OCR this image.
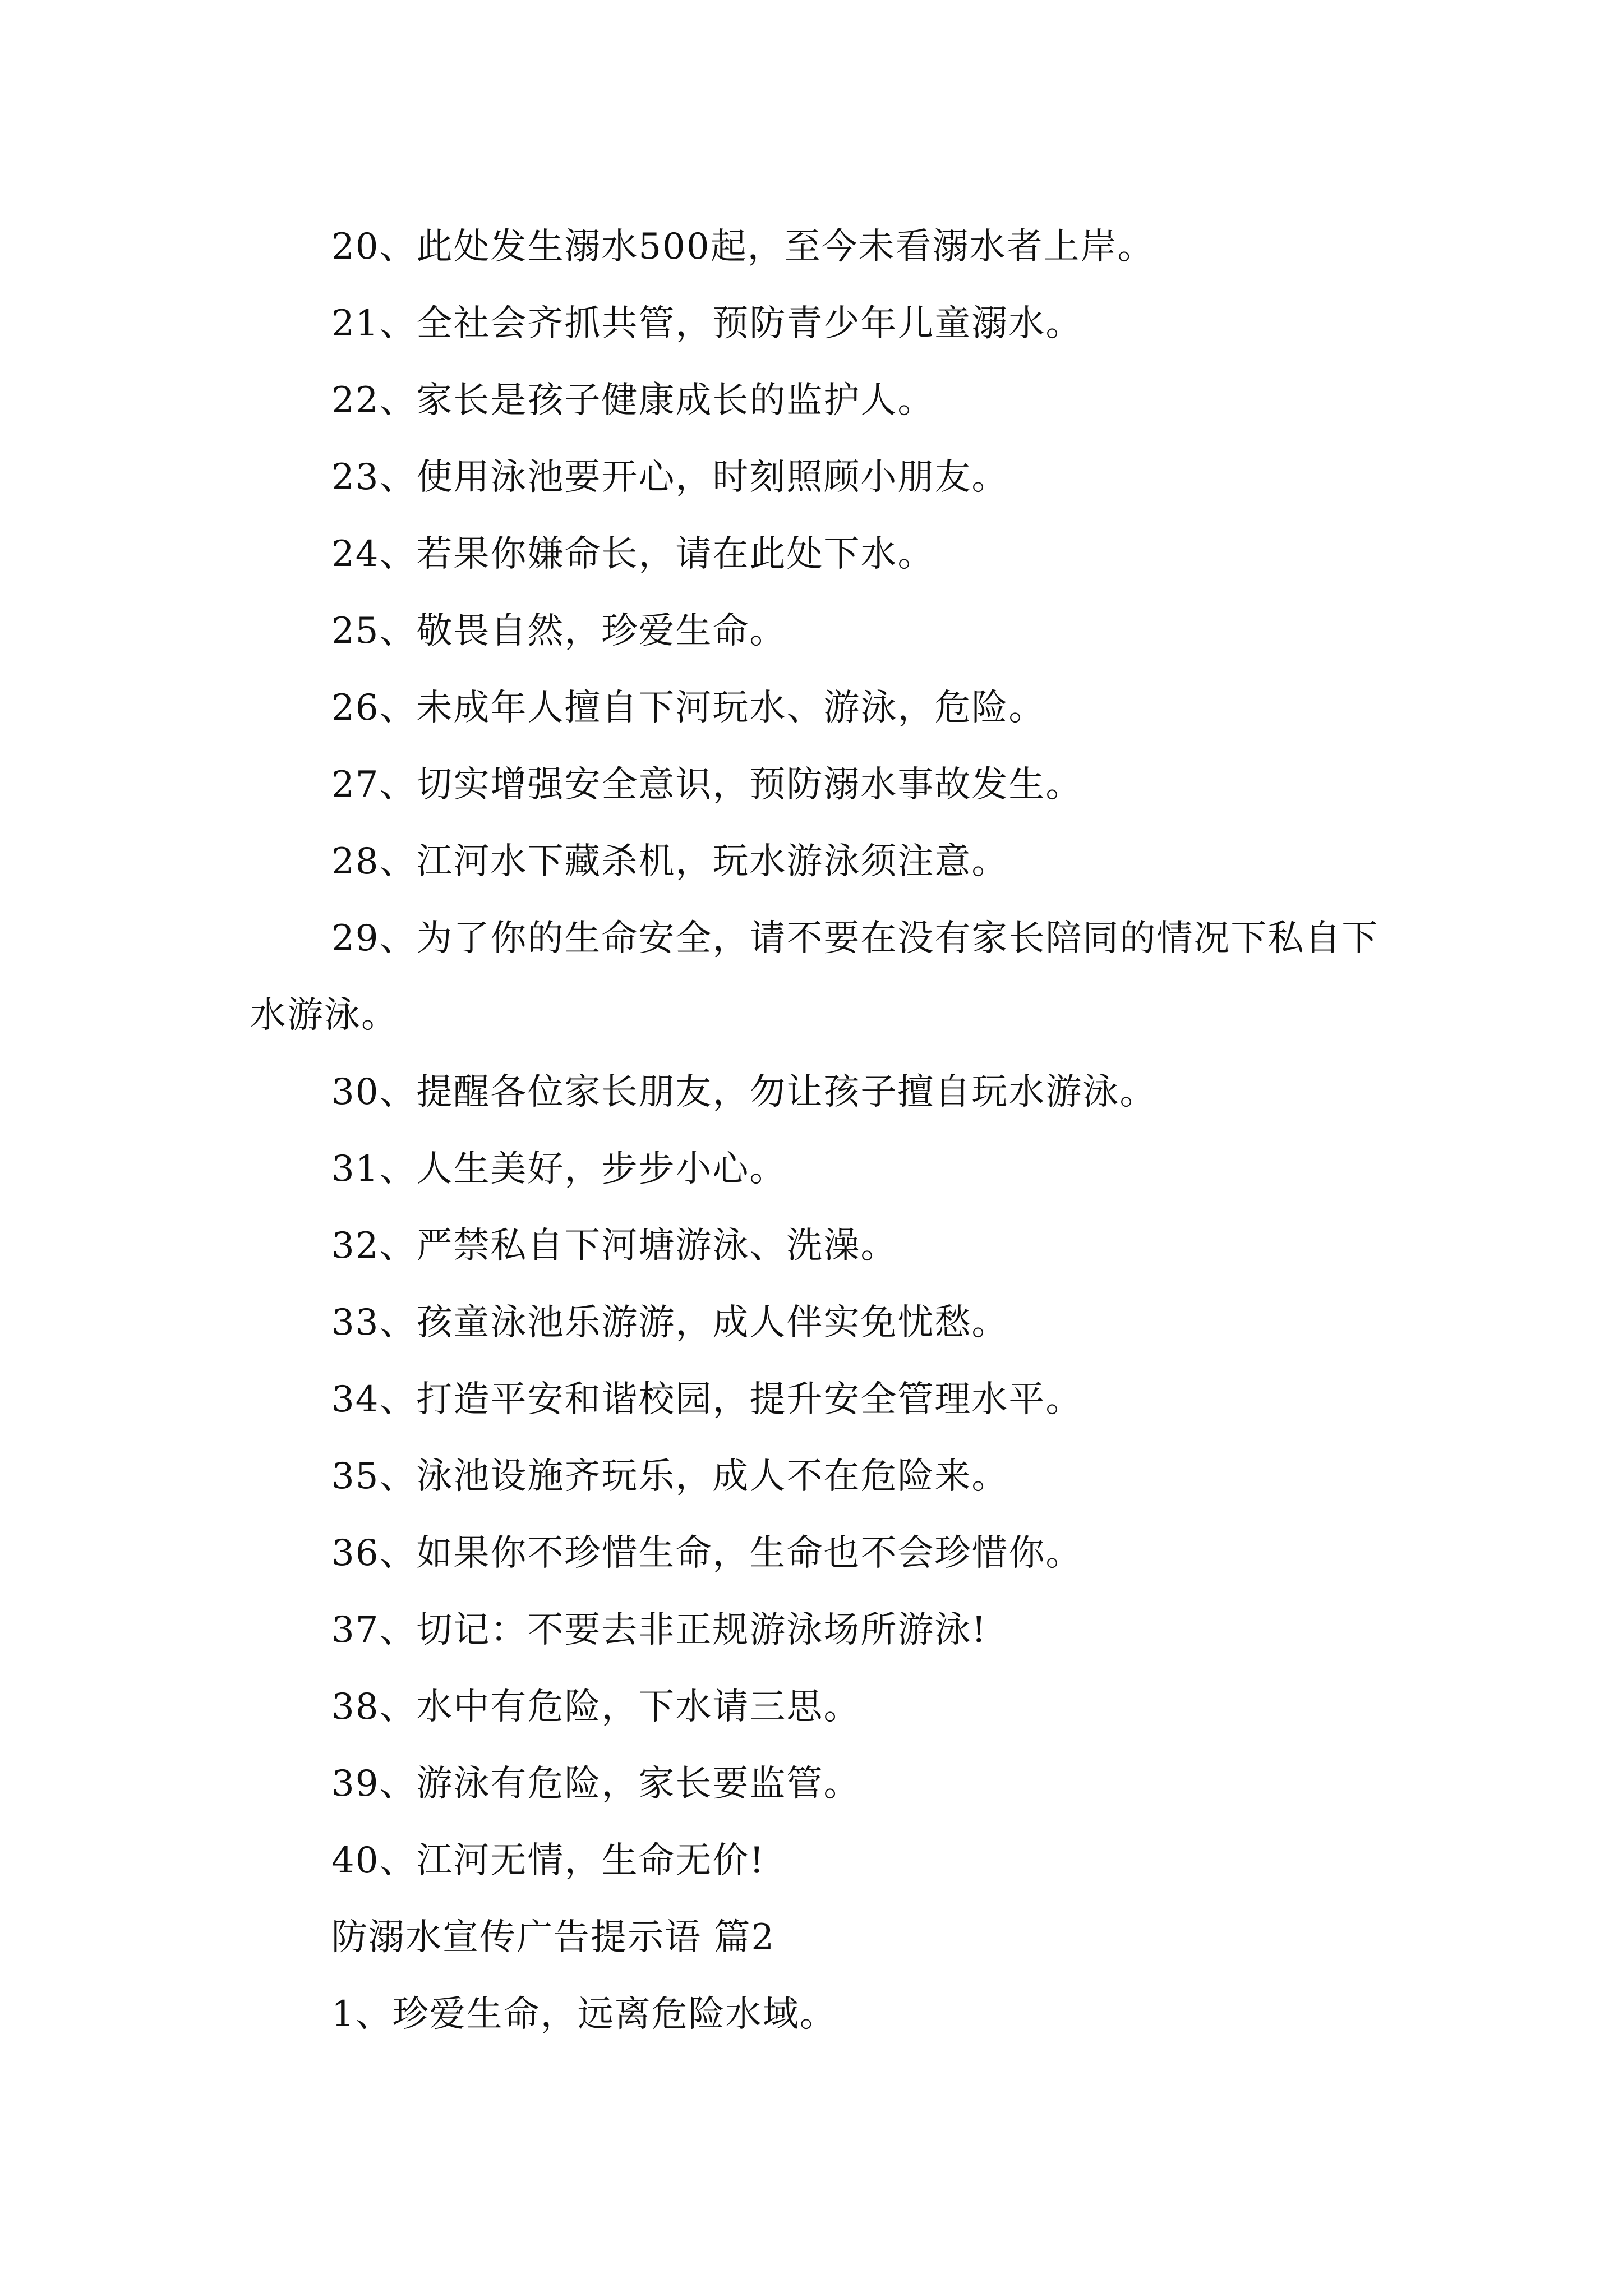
20、此处发生溺水500起，至今未看溺水者上岸。

21、全社会齐抓共管，预防青少年儿童溺水。

22、家长是孩子健康成长的监护人。

23、使用泳池要开心，时刻照顾小朋友。

24、若果你嫌命长，请在此处下水。

25、敬畏自然，珍爱生命。

26、未成年人擅自下河玩水、游泳，危险。

27、切实增强安全意识，预防溺水事故发生。

28、江河水下藏杀机，玩水游泳须注意。

29、为了你的生命安全，请不要在没有家长陪同的情况下私自下水游泳。

30、提醒各位家长朋友，勿让孩子擅自玩水游泳。

31、人生美好，步步小心。

32、严禁私自下河塘游泳、洗澡。

33、孩童泳池乐游游，成人伴实免忧愁。

34、打造平安和谐校园，提升安全管理水平。

35、泳池设施齐玩乐，成人不在危险来。

36、如果你不珍惜生命，生命也不会珍惜你。

37、切记：不要去非正规游泳场所游泳!

38、水中有危险，下水请三思。

39、游泳有危险，家长要监管。

40、江河无情，生命无价!

防溺水宣传广告提示语 篇2

1、珍爱生命，远离危险水域。
